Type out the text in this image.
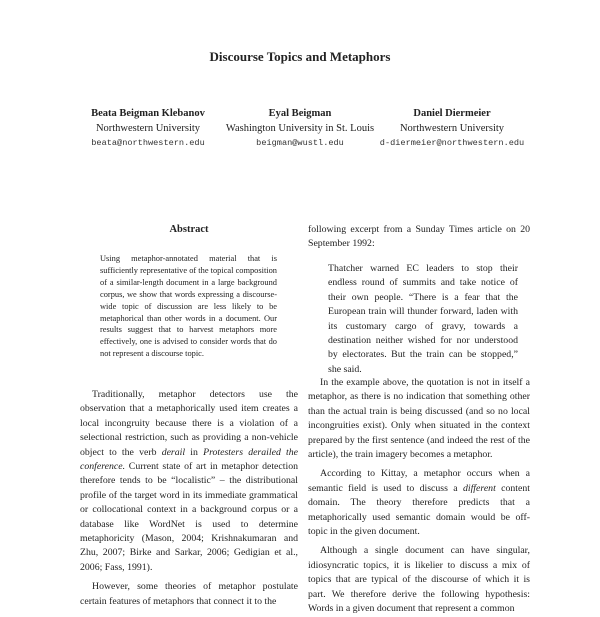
Discourse Topics and Metaphors
Beata Beigman Klebanov
Northwestern University
beata@northwestern.edu
Eyal Beigman
Washington University in St. Louis
beigman@wustl.edu
Daniel Diermeier
Northwestern University
d-diermeier@northwestern.edu
Abstract
Using metaphor-annotated material that is sufficiently representative of the topical composition of a similar-length document in a large background corpus, we show that words expressing a discourse-wide topic of discussion are less likely to be metaphorical than other words in a document. Our results suggest that to harvest metaphors more effectively, one is advised to consider words that do not represent a discourse topic.

Traditionally, metaphor detectors use the observation that a metaphorically used item creates a local incongruity because there is a violation of a selectional restriction, such as providing a non-vehicle object to the verb derail in Protesters derailed the conference. Current state of art in metaphor detection therefore tends to be “localistic” – the distributional profile of the target word in its immediate grammatical or collocational context in a background corpus or a database like WordNet is used to determine metaphoricity (Mason, 2004; Krishnakumaran and Zhu, 2007; Birke and Sarkar, 2006; Gedigian et al., 2006; Fass, 1991).

However, some theories of metaphor postulate certain features of metaphors that connect it to the

following excerpt from a Sunday Times article on 20 September 1992:
Thatcher warned EC leaders to stop their endless round of summits and take notice of their own people. “There is a fear that the European train will thunder forward, laden with its customary cargo of gravy, towards a destination neither wished for nor understood by electorates. But the train can be stopped,” she said.

In the example above, the quotation is not in itself a metaphor, as there is no indication that something other than the actual train is being discussed (and so no local incongruities exist). Only when situated in the context prepared by the first sentence (and indeed the rest of the article), the train imagery becomes a metaphor.

According to Kittay, a metaphor occurs when a semantic field is used to discuss a different content domain. The theory therefore predicts that a metaphorically used semantic domain would be off-topic in the given document.

Although a single document can have singular, idiosyncratic topics, it is likelier to discuss a mix of topics that are typical of the discourse of which it is part. We therefore derive the following hypothesis: Words in a given document that represent a common
